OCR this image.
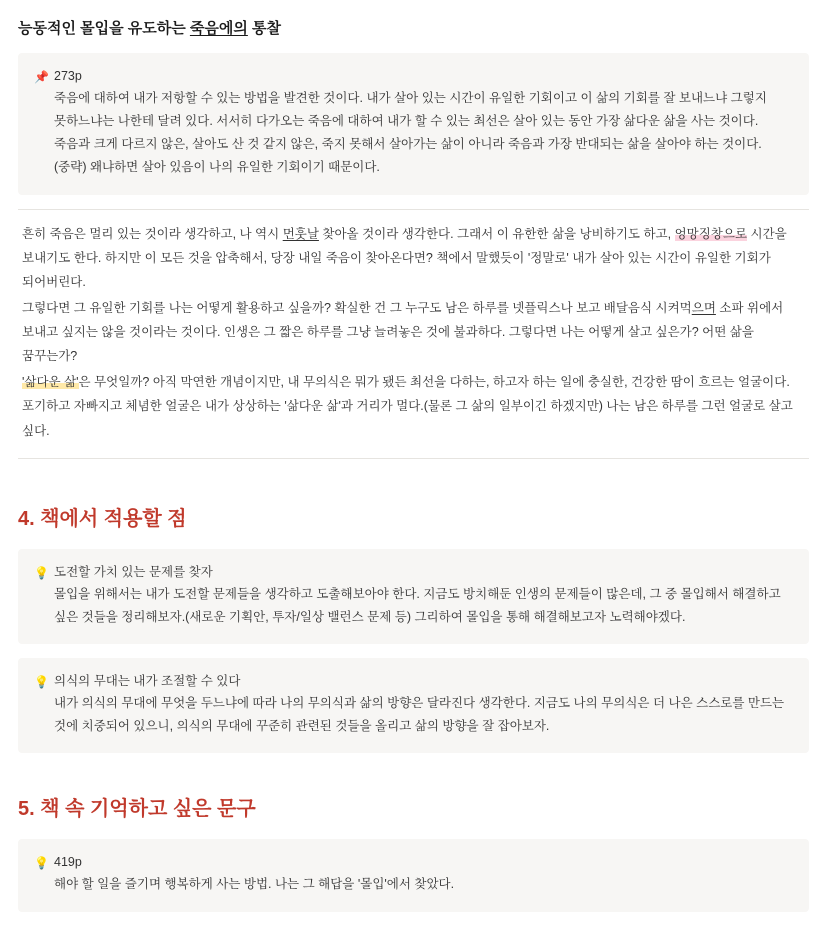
능동적인 몰입을 유도하는 죽음에의 통찰
📌 273p

죽음에 대하여 내가 저항할 수 있는 방법을 발견한 것이다. 내가 살아 있는 시간이 유일한 기회이고 이 삶의 기회를 잘 보내느냐 그렇지 못하느냐는 나한테 달려 있다. 서서히 다가오는 죽음에 대하여 내가 할 수 있는 최선은 살아 있는 동안 가장 삶다운 삶을 사는 것이다. 죽음과 크게 다르지 않은, 살아도 산 것 같지 않은, 죽지 못해서 살아가는 삶이 아니라 죽음과 가장 반대되는 삶을 살아야 하는 것이다. (중략) 왜냐하면 살아 있음이 나의 유일한 기회이기 때문이다.

흔히 죽음은 멀리 있는 것이라 생각하고, 나 역시 먼훗날 찾아올 것이라 생각한다. 그래서 이 유한한 삶을 낭비하기도 하고, 엉망징창으로 시간을 보내기도 한다. 하지만 이 모든 것을 압축해서, 당장 내일 죽음이 찾아온다면? 책에서 말했듯이 '정말로' 내가 살아 있는 시간이 유일한 기회가 되어버린다.

그렇다면 그 유일한 기회를 나는 어떻게 활용하고 싶을까? 확실한 건 그 누구도 남은 하루를 넷플릭스나 보고 배달음식 시켜먹으며 소파 위에서 보내고 싶지는 않을 것이라는 것이다. 인생은 그 짧은 하루를 그냥 늘려놓은 것에 불과하다. 그렇다면 나는 어떻게 살고 싶은가? 어떤 삶을 꿈꾸는가?

'삶다운 삶'은 무엇일까? 아직 막연한 개념이지만, 내 무의식은 뭐가 됐든 최선을 다하는, 하고자 하는 일에 충실한, 건강한 땀이 흐르는 얼굴이다. 포기하고 자빠지고 체념한 얼굴은 내가 상상하는 '삶다운 삶'과 거리가 멀다.(물론 그 삶의 일부이긴 하겠지만) 나는 남은 하루를 그런 얼굴로 살고 싶다.

4. 책에서 적용할 점
💡 도전할 가치 있는 문제를 찾자

몰입을 위해서는 내가 도전할 문제들을 생각하고 도출해보아야 한다. 지금도 방치해둔 인생의 문제들이 많은데, 그 중 몰입해서 해결하고 싶은 것들을 정리해보자.(새로운 기획안, 투자/일상 밸런스 문제 등) 그리하여 몰입을 통해 해결해보고자 노력해야겠다.

💡 의식의 무대는 내가 조절할 수 있다

내가 의식의 무대에 무엇을 두느냐에 따라 나의 무의식과 삶의 방향은 달라진다 생각한다. 지금도 나의 무의식은 더 나은 스스로를 만드는 것에 치중되어 있으니, 의식의 무대에 꾸준히 관련된 것들을 올리고 삶의 방향을 잘 잡아보자.

5. 책 속 기억하고 싶은 문구
💡 419p

해야 할 일을 즐기며 행복하게 사는 방법. 나는 그 해답을 '몰입'에서 찾았다.
